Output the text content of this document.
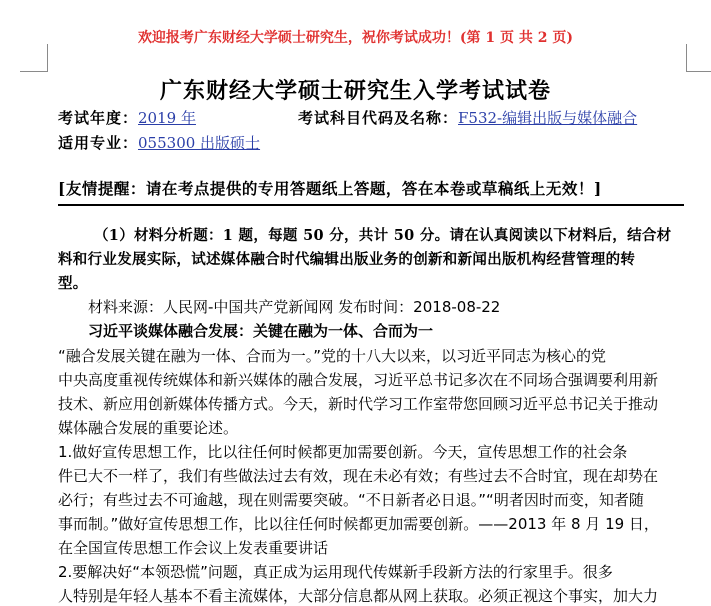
欢迎报考广东财经大学硕士研究生，祝你考试成功！(第 1 页 共 2 页)
广东财经大学硕士研究生入学考试试卷
考试年度：2019 年	考试科目代码及名称：F532-编辑出版与媒体融合
适用专业：055300 出版硕士
[友情提醒：请在考点提供的专用答题纸上答题，答在本卷或草稿纸上无效！]
（1）材料分析题：1 题，每题 50 分，共计 50 分。请在认真阅读以下材料后，结合材
料和行业发展实际，试述媒体融合时代编辑出版业务的创新和新闻出版机构经营管理的转
型。
材料来源：人民网-中国共产党新闻网 发布时间：2018-08-22
习近平谈媒体融合发展：关键在融为一体、合而为一
“融合发展关键在融为一体、合而为一。”党的十八大以来，以习近平同志为核心的党
中央高度重视传统媒体和新兴媒体的融合发展，习近平总书记多次在不同场合强调要利用新
技术、新应用创新媒体传播方式。今天，新时代学习工作室带您回顾习近平总书记关于推动
媒体融合发展的重要论述。
1.做好宣传思想工作，比以往任何时候都更加需要创新。今天，宣传思想工作的社会条
件已大不一样了，我们有些做法过去有效，现在未必有效；有些过去不合时宜，现在却势在
必行；有些过去不可逾越，现在则需要突破。“不日新者必日退。”“明者因时而变，知者随
事而制。”做好宣传思想工作，比以往任何时候都更加需要创新。——2013 年 8 月 19 日，
在全国宣传思想工作会议上发表重要讲话
2.要解决好“本领恐慌”问题，真正成为运用现代传媒新手段新方法的行家里手。很多
人特别是年轻人基本不看主流媒体，大部分信息都从网上获取。必须正视这个事实，加大力
